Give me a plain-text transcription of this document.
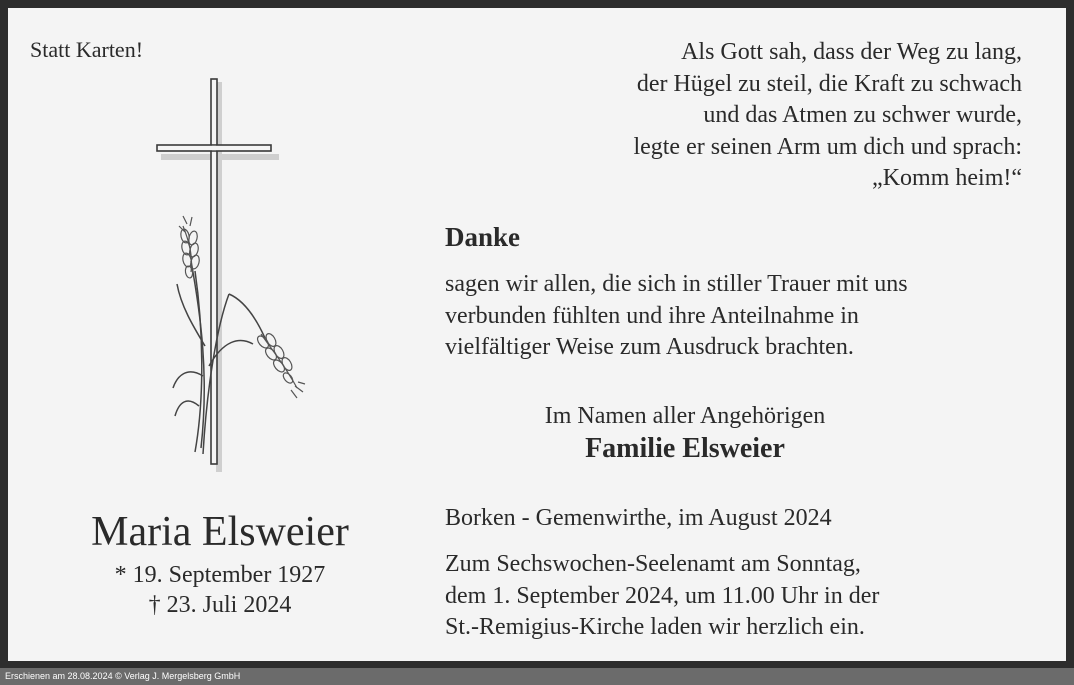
Statt Karten!	Als Gott sah, dass der Weg zu lang,
der Hügel zu steil, die Kraft zu schwach
und das Atmen zu schwer wurde,
legte er seinen Arm um dich und sprach:
„Komm heim!“
Danke
sagen wir allen, die sich in stiller Trauer mit uns
verbunden fühlten und ihre Anteilnahme in
vielfältiger Weise zum Ausdruck brachten.
Im Namen aller Angehörigen
Familie Elsweier
Borken - Gemenwirthe, im August 2024
Zum Sechswochen-Seelenamt am Sonntag,
dem 1. September 2024, um 11.00 Uhr in der
St.-Remigius-Kirche laden wir herzlich ein.
Maria Elsweier
* 19. September 1927
† 23. Juli 2024
Erschienen am 28.08.2024 © Verlag J. Mergelsberg GmbH
